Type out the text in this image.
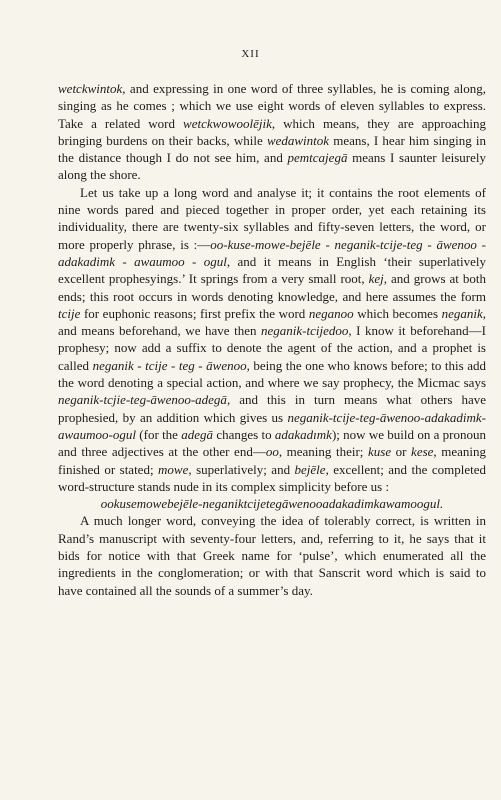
XII

wetckwintok, and expressing in one word of three syllables, he is coming along, singing as he comes ; which we use eight words of eleven syllables to express. Take a related word wetckwowoolējik, which means, they are approaching bringing burdens on their backs, while wedawintok means, I hear him singing in the distance though I do not see him, and pemtcajegā means I saunter leisurely along the shore.

Let us take up a long word and analyse it; it contains the root elements of nine words pared and pieced together in proper order, yet each retaining its individuality, there are twenty-six syllables and fifty-seven letters, the word, or more properly phrase, is :—oo-kuse-mowe-bejēle - neganik-tcije-teg - āwenoo - adakadimk - awaumoo - ogul, and it means in English ‘their superlatively excellent prophesyings.’ It springs from a very small root, kej, and grows at both ends; this root occurs in words denoting knowledge, and here assumes the form tcije for euphonic reasons; first prefix the word neganoo which becomes neganik, and means beforehand, we have then neganik-tcijedoo, I know it beforehand—I prophesy; now add a suffix to denote the agent of the action, and a prophet is called neganik - tcije - teg - āwenoo, being the one who knows before; to this add the word denoting a special action, and where we say prophecy, the Micmac says neganik-tcjie-teg-āwenoo-adegā, and this in turn means what others have prophesied, by an addition which gives us neganik-tcije-teg-āwenoo-adakadimk-awaumoo-ogul (for the adegā changes to adakadımk); now we build on a pronoun and three adjectives at the other end—oo, meaning their; kuse or kese, meaning finished or stated; mowe, superlatively; and bejēle, excellent; and the completed word-structure stands nude in its complex simplicity before us :

ookusemowebejēle-neganiktcijetegāwenooadakadimkawamoogul.

A much longer word, conveying the idea of tolerably correct, is written in Rand’s manuscript with seventy-four letters, and, referring to it, he says that it bids for notice with that Greek name for ‘pulse’, which enumerated all the ingredients in the conglomeration; or with that Sanscrit word which is said to have contained all the sounds of a summer’s day.
